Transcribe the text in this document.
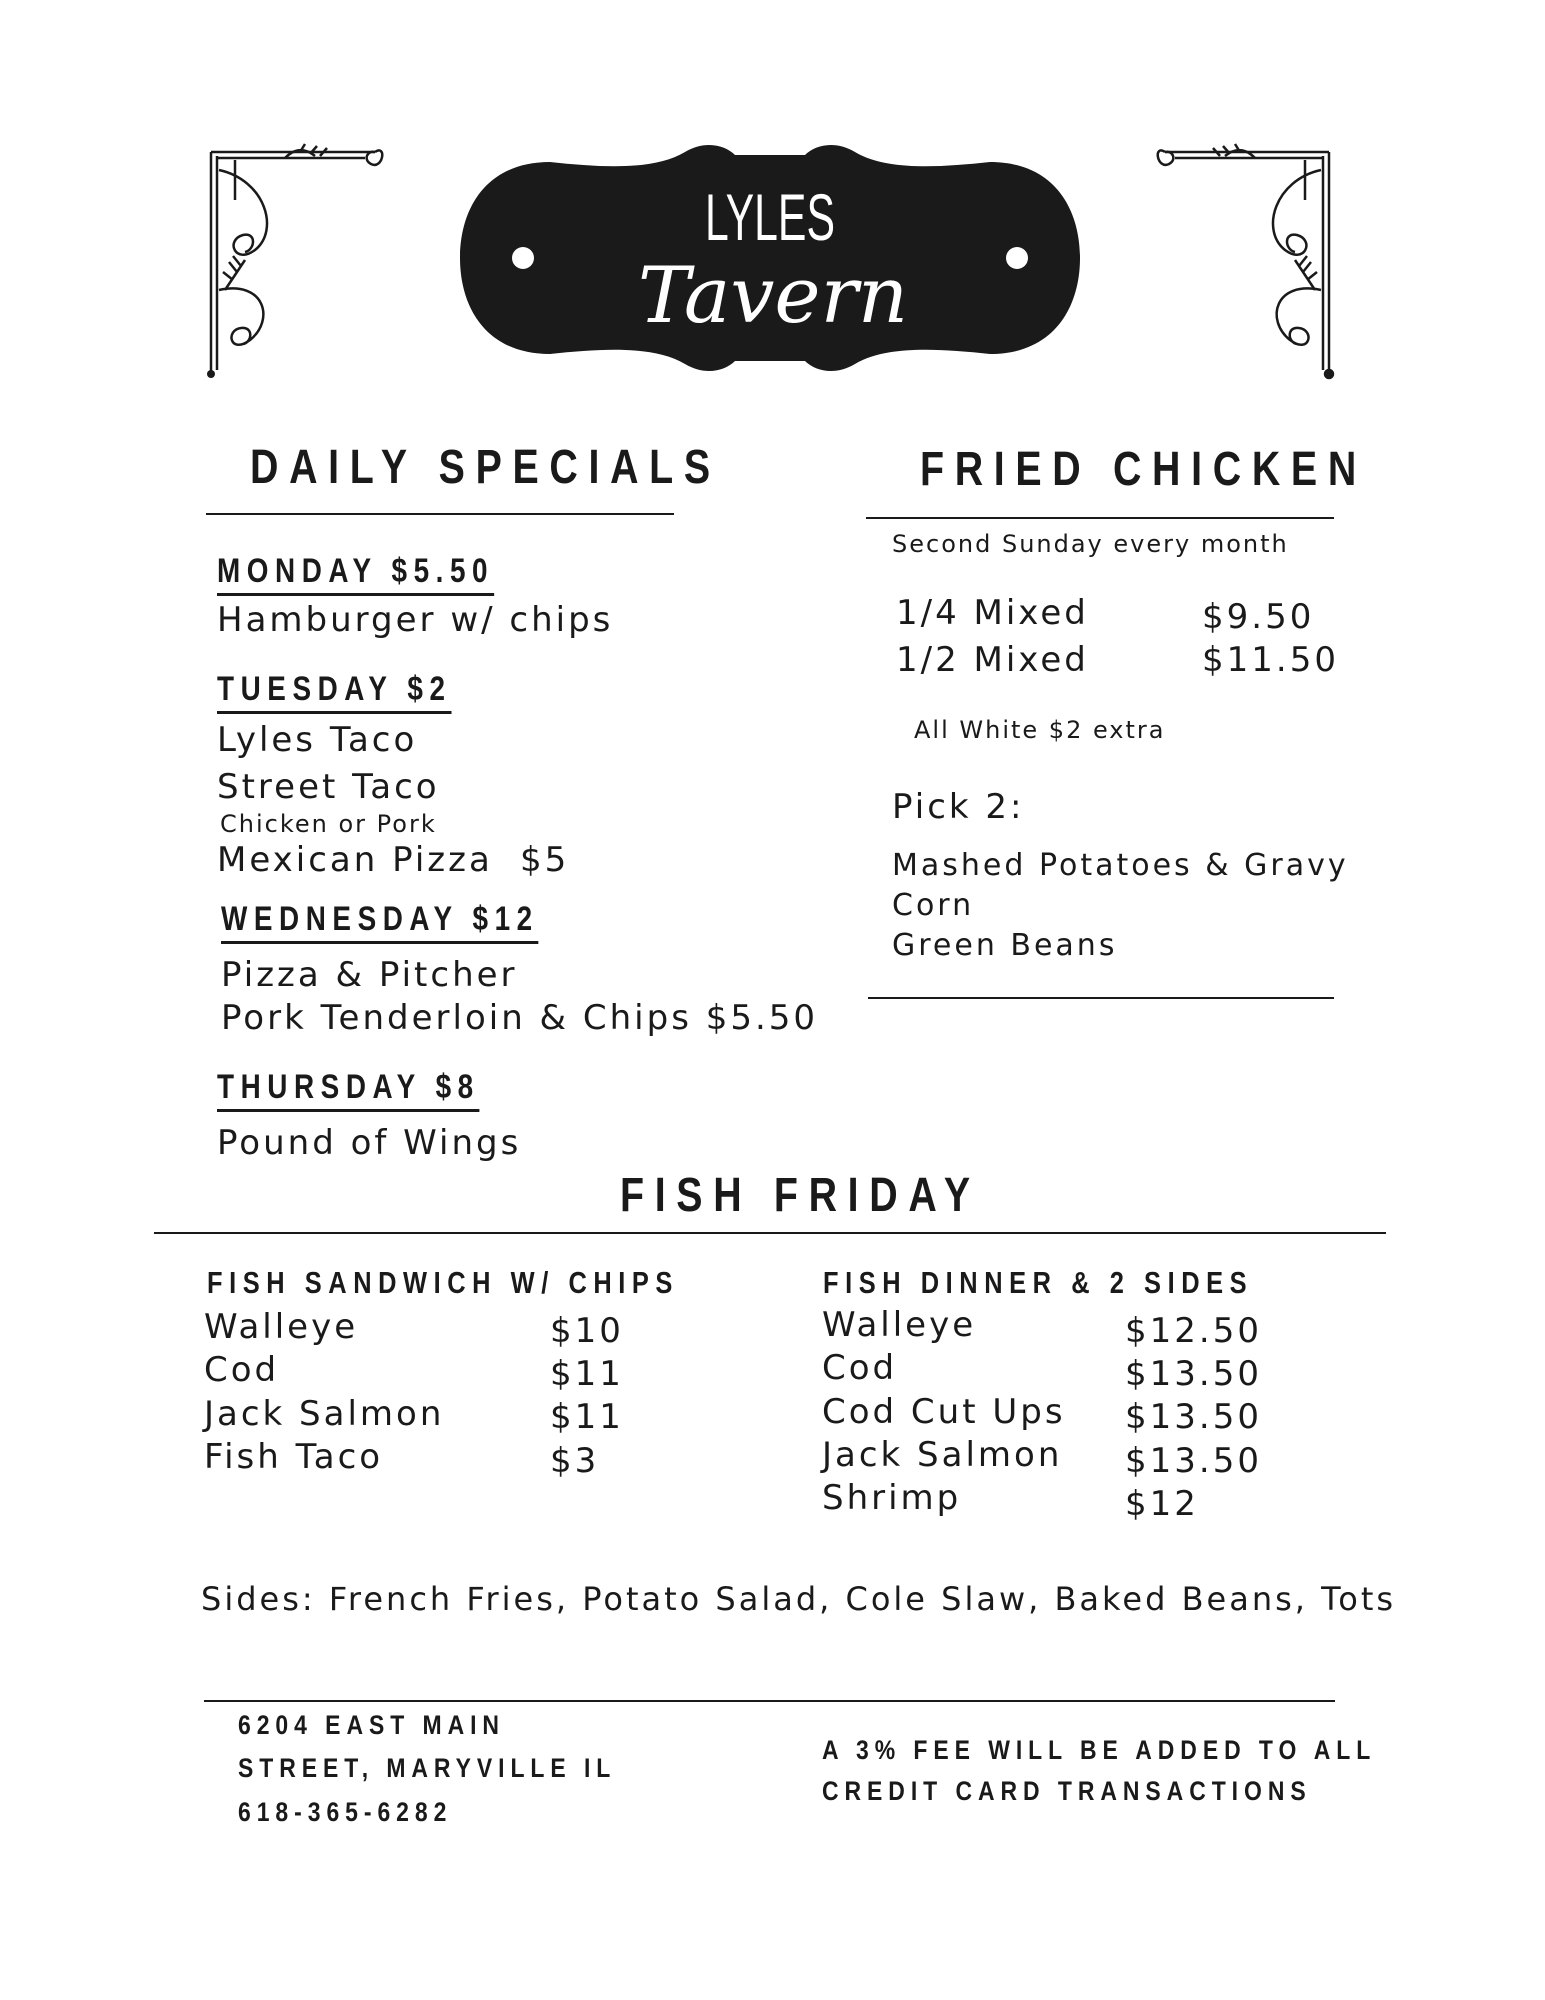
LYLES
Tavern
DAILY SPECIALS
MONDAY $5.50
Hamburger w/ chips
TUESDAY $2
Lyles Taco
Street Taco
Chicken or Pork
Mexican Pizza $5
WEDNESDAY $12
Pizza & Pitcher
Pork Tenderloin & Chips $5.50
THURSDAY $8
Pound of Wings
FRIED CHICKEN
Second Sunday every month
1/4 Mixed	$9.50
1/2 Mixed	$11.50
All White $2 extra
Pick 2:
Mashed Potatoes & Gravy
Corn
Green Beans
FISH FRIDAY
FISH SANDWICH W/ CHIPS
Walleye	$10
Cod	$11
Jack Salmon	$11
Fish Taco	$3
FISH DINNER & 2 SIDES
Walleye	$12.50
Cod	$13.50
Cod Cut Ups $13.50
Jack Salmon $13.50
Shrimp	$12
Sides: French Fries, Potato Salad, Cole Slaw, Baked Beans, Tots
6204 EAST MAIN
STREET, MARYVILLE IL
618-365-6282
A 3% FEE WILL BE ADDED TO ALL
CREDIT CARD TRANSACTIONS
